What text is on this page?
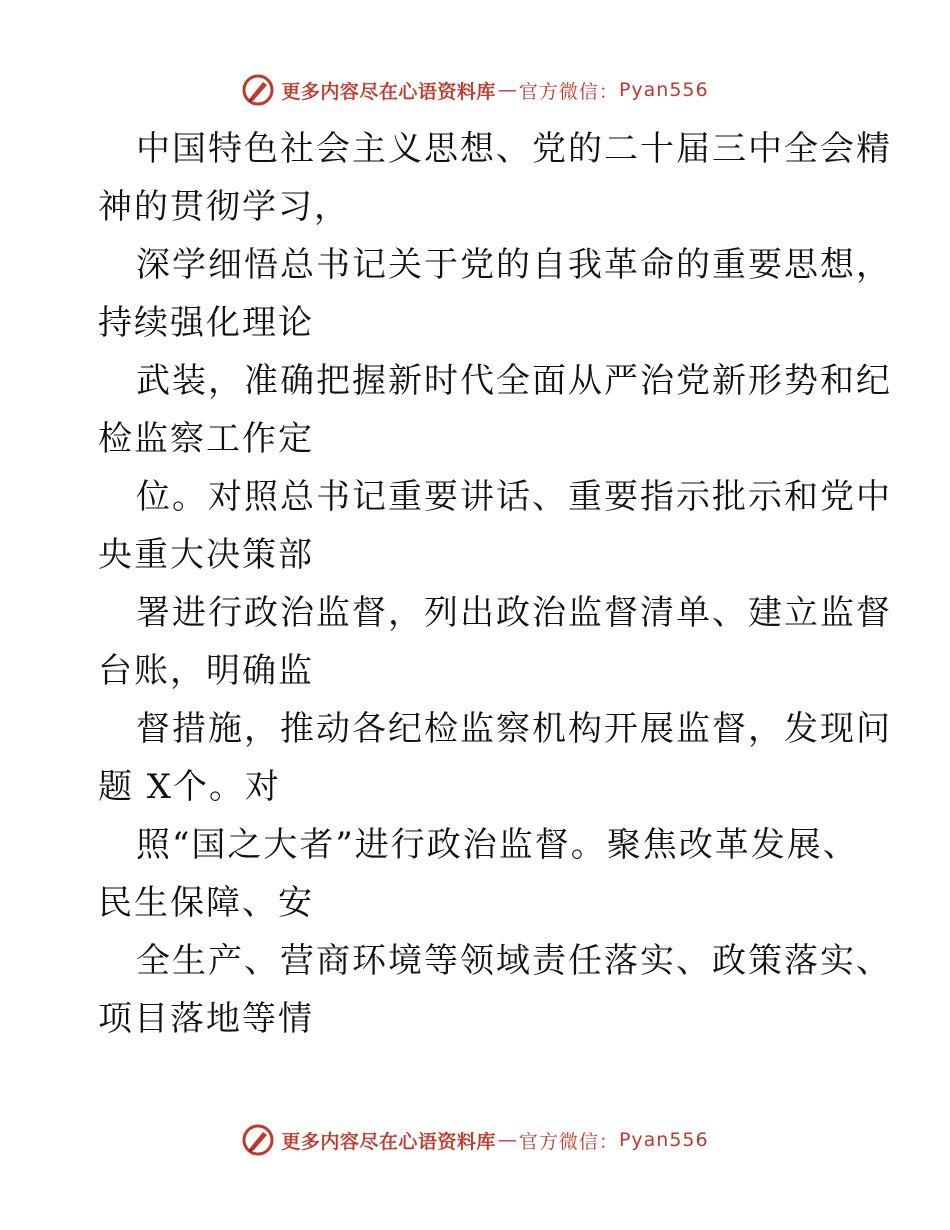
更多内容尽在心语资料库 — 官方微信： Pyan556
中国特色社会主义思想、党的二十届三中全会精
神的贯彻学习，
深学细悟总书记关于党的自我革命的重要思想，
持续强化理论
武装，准确把握新时代全面从严治党新形势和纪
检监察工作定
位。对照总书记重要讲话、重要指示批示和党中
央重大决策部
署进行政治监督，列出政治监督清单、建立监督
台账，明确监
督措施，推动各纪检监察机构开展监督，发现问
题 X个。对
照“国之大者”进行政治监督。聚焦改革发展、
民生保障、安
全生产、营商环境等领域责任落实、政策落实、
项目落地等情
更多内容尽在心语资料库 — 官方微信： Pyan556
